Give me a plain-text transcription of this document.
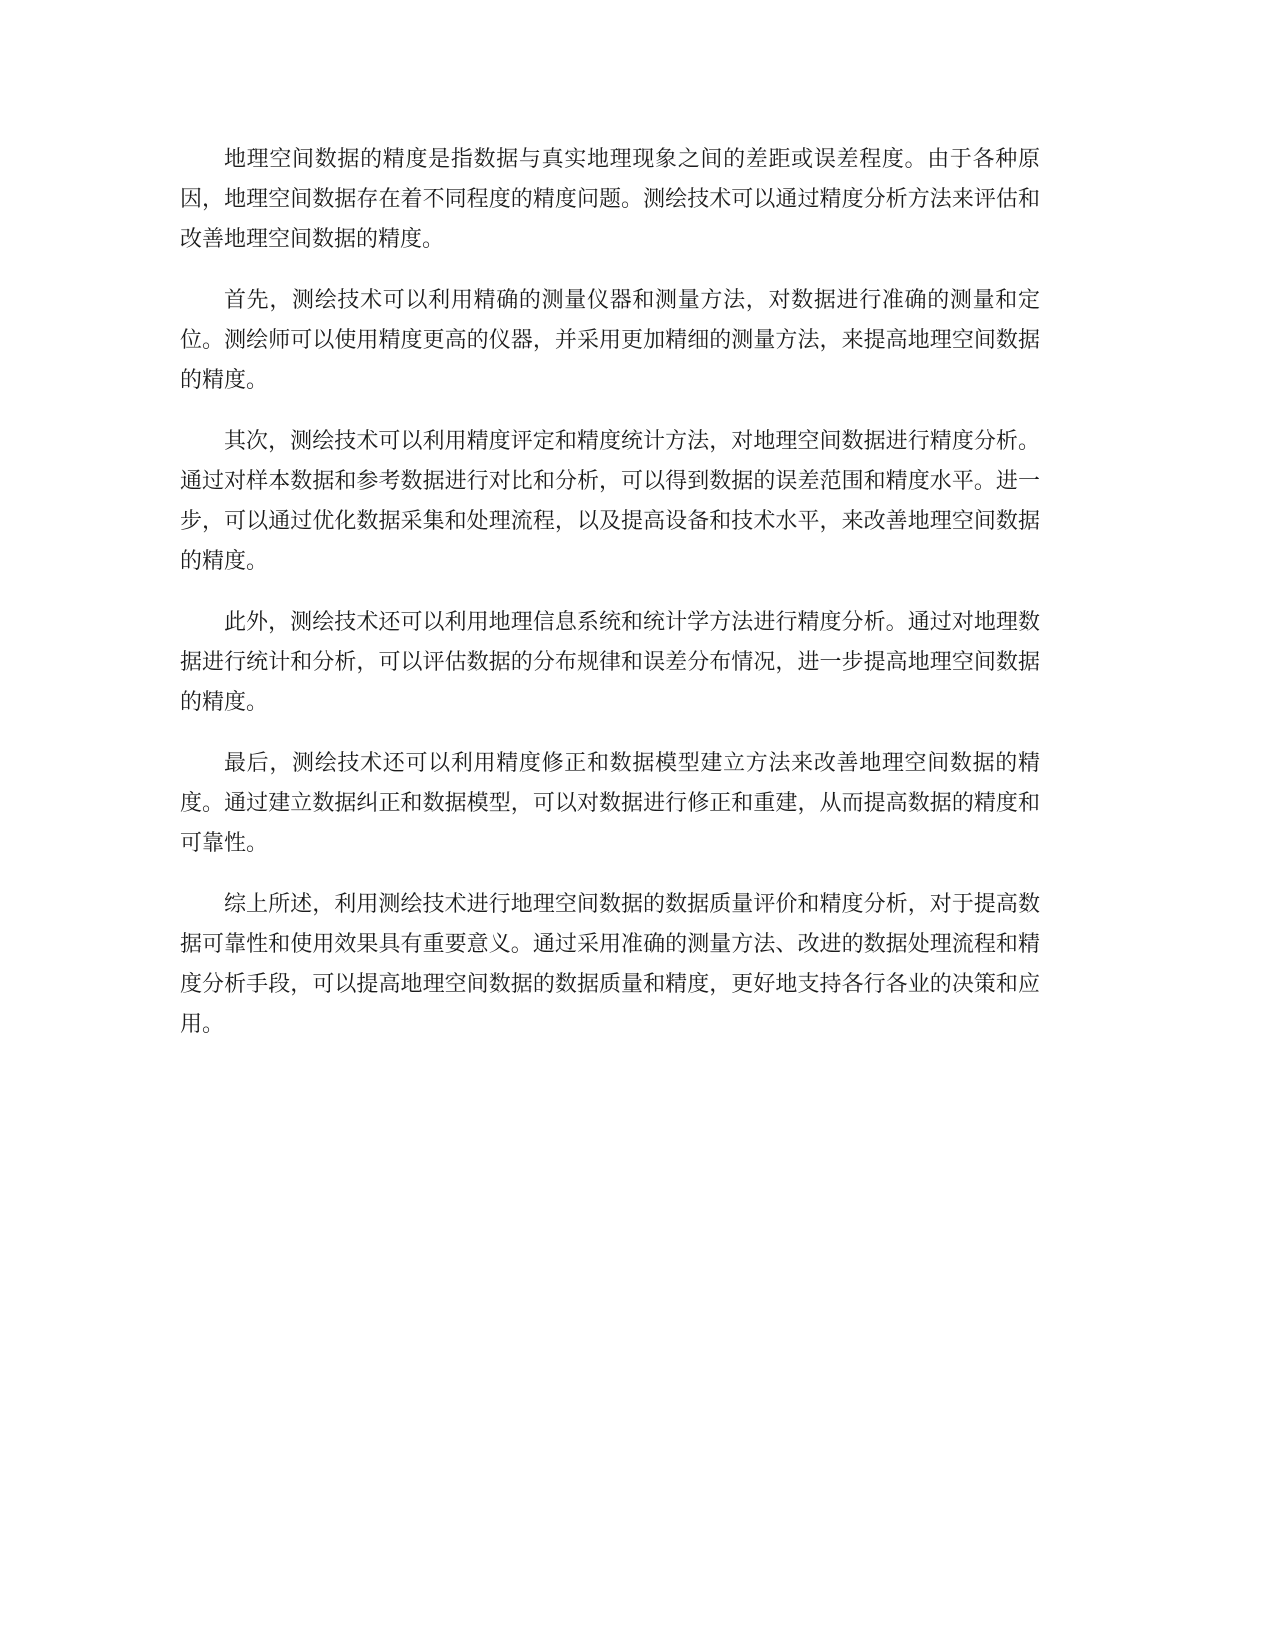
地理空间数据的精度是指数据与真实地理现象之间的差距或误差程度。由于各种原因，地理空间数据存在着不同程度的精度问题。测绘技术可以通过精度分析方法来评估和改善地理空间数据的精度。

首先，测绘技术可以利用精确的测量仪器和测量方法，对数据进行准确的测量和定位。测绘师可以使用精度更高的仪器，并采用更加精细的测量方法，来提高地理空间数据的精度。

其次，测绘技术可以利用精度评定和精度统计方法，对地理空间数据进行精度分析。通过对样本数据和参考数据进行对比和分析，可以得到数据的误差范围和精度水平。进一步，可以通过优化数据采集和处理流程，以及提高设备和技术水平，来改善地理空间数据的精度。

此外，测绘技术还可以利用地理信息系统和统计学方法进行精度分析。通过对地理数据进行统计和分析，可以评估数据的分布规律和误差分布情况，进一步提高地理空间数据的精度。

最后，测绘技术还可以利用精度修正和数据模型建立方法来改善地理空间数据的精度。通过建立数据纠正和数据模型，可以对数据进行修正和重建，从而提高数据的精度和可靠性。

综上所述，利用测绘技术进行地理空间数据的数据质量评价和精度分析，对于提高数据可靠性和使用效果具有重要意义。通过采用准确的测量方法、改进的数据处理流程和精度分析手段，可以提高地理空间数据的数据质量和精度，更好地支持各行各业的决策和应用。
